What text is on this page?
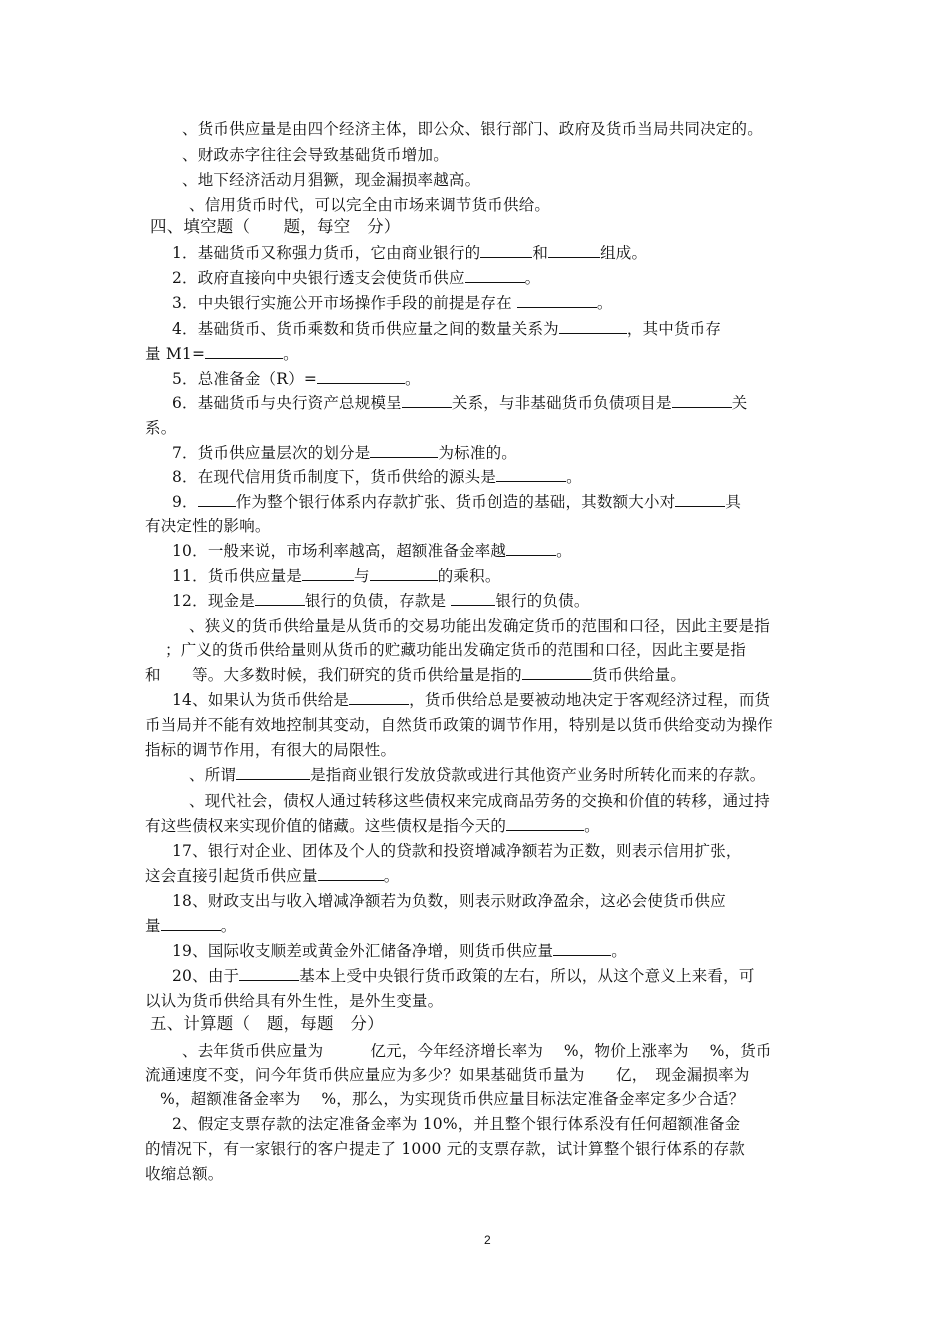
、货币供应量是由四个经济主体，即公众、银行部门、政府及货币当局共同决定的。
、财政赤字往往会导致基础货币增加。
、地下经济活动月猖獗，现金漏损率越高。
、信用货币时代，可以完全由市场来调节货币供给。
四、填空题（　　题，每空　分）
1．基础货币又称强力货币，它由商业银行的	和	组成。
2．政府直接向中央银行透支会使货币供应	。
3．中央银行实施公开市场操作手段的前提是存在	。
4．基础货币、货币乘数和货币供应量之间的数量关系为	，其中货币存
量 M1=	。
5．总准备金（R）=	。
6．基础货币与央行资产总规模呈	关系，与非基础货币负债项目是	关
系。
7．货币供应量层次的划分是	为标准的。
8．在现代信用货币制度下，货币供给的源头是	。
9． 作为整个银行体系内存款扩张、货币创造的基础，其数额大小对	具
有决定性的影响。
10．一般来说，市场利率越高，超额准备金率越	。
11．货币供应量是	与	的乘积。
12．现金是	银行的负债，存款是	银行的负债。
、狭义的货币供给量是从货币的交易功能出发确定货币的范围和口径，因此主要是指
；广义的货币供给量则从货币的贮藏功能出发确定货币的范围和口径，因此主要是指
和　　等。大多数时候，我们研究的货币供给量是指的	货币供给量。
14、如果认为货币供给是	，货币供给总是要被动地决定于客观经济过程，而货
币当局并不能有效地控制其变动，自然货币政策的调节作用，特别是以货币供给变动为操作
指标的调节作用，有很大的局限性。
、所谓	是指商业银行发放贷款或进行其他资产业务时所转化而来的存款。
、现代社会，债权人通过转移这些债权来完成商品劳务的交换和价值的转移，通过持
有这些债权来实现价值的储藏。这些债权是指今天的	。
17、银行对企业、团体及个人的贷款和投资增减净额若为正数，则表示信用扩张，
这会直接引起货币供应量	。
18、财政支出与收入增减净额若为负数，则表示财政净盈余，这必会使货币供应
量	。
19、国际收支顺差或黄金外汇储备净增，则货币供应量	。
20、由于	基本上受中央银行货币政策的左右，所以，从这个意义上来看，可
以认为货币供给具有外生性，是外生变量。
五、计算题（　题，每题　分）
、去年货币供应量为　　　亿元，今年经济增长率为　 %，物价上涨率为　 %，货币
流通速度不变，问今年货币供应量应为多少？如果基础货币量为　　亿，　现金漏损率为
%，超额准备金率为　 %，那么，为实现货币供应量目标法定准备金率定多少合适？
2、假定支票存款的法定准备金率为 10%，并且整个银行体系没有任何超额准备金
的情况下，有一家银行的客户提走了 1000 元的支票存款，试计算整个银行体系的存款
收缩总额。
2
